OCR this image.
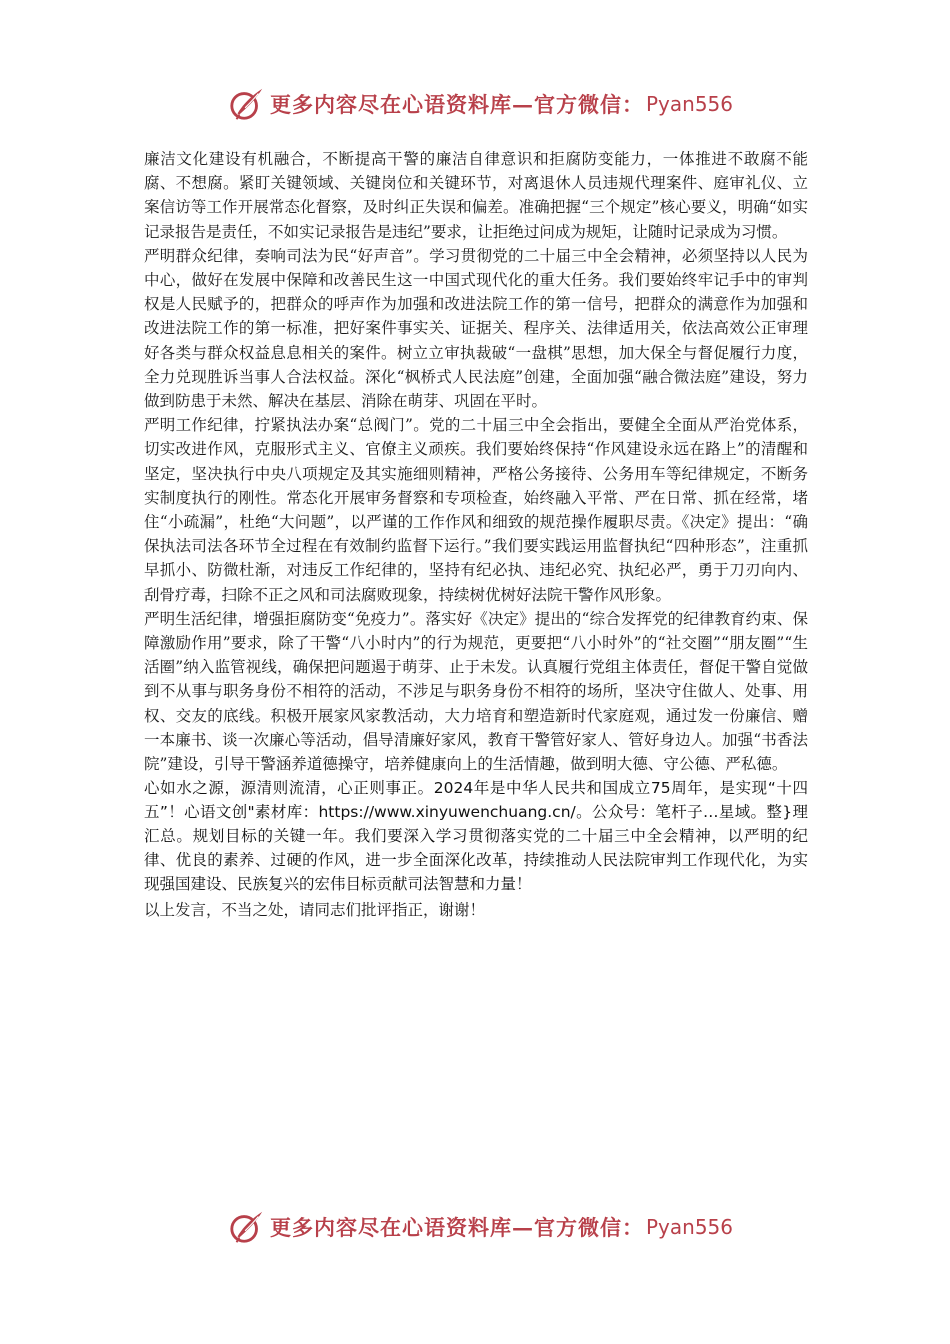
更多内容尽在心语资料库—官方微信： Pyan556

廉洁文化建设有机融合，不断提高干警的廉洁自律意识和拒腐防变能力，一体推进不敢腐不能腐、不想腐。紧盯关键领域、关键岗位和关键环节，对离退休人员违规代理案件、庭审礼仪、立案信访等工作开展常态化督察，及时纠正失误和偏差。准确把握“三个规定”核心要义，明确“如实记录报告是责任，不如实记录报告是违纪”要求，让拒绝过问成为规矩，让随时记录成为习惯。

严明群众纪律，奏响司法为民“好声音”。学习贯彻党的二十届三中全会精神，必须坚持以人民为中心，做好在发展中保障和改善民生这一中国式现代化的重大任务。我们要始终牢记手中的审判权是人民赋予的，把群众的呼声作为加强和改进法院工作的第一信号，把群众的满意作为加强和改进法院工作的第一标准，把好案件事实关、证据关、程序关、法律适用关，依法高效公正审理好各类与群众权益息息相关的案件。树立立审执裁破“一盘棋”思想，加大保全与督促履行力度，全力兑现胜诉当事人合法权益。深化“枫桥式人民法庭”创建，全面加强“融合微法庭”建设，努力做到防患于未然、解决在基层、消除在萌芽、巩固在平时。

严明工作纪律，拧紧执法办案“总阀门”。党的二十届三中全会指出，要健全全面从严治党体系，切实改进作风，克服形式主义、官僚主义顽疾。我们要始终保持“作风建设永远在路上”的清醒和坚定，坚决执行中央八项规定及其实施细则精神，严格公务接待、公务用车等纪律规定，不断务实制度执行的刚性。常态化开展审务督察和专项检查，始终融入平常、严在日常、抓在经常，堵住“小疏漏”，杜绝“大问题”，以严谨的工作作风和细致的规范操作履职尽责。《决定》提出：“确保执法司法各环节全过程在有效制约监督下运行。”我们要实践运用监督执纪“四种形态”，注重抓早抓小、防微杜渐，对违反工作纪律的，坚持有纪必执、违纪必究、执纪必严，勇于刀刃向内、刮骨疗毒，扫除不正之风和司法腐败现象，持续树优树好法院干警作风形象。

严明生活纪律，增强拒腐防变“免疫力”。落实好《决定》提出的“综合发挥党的纪律教育约束、保障激励作用”要求，除了干警“八小时内”的行为规范，更要把“八小时外”的“社交圈”“朋友圈”“生活圈”纳入监管视线，确保把问题遏于萌芽、止于未发。认真履行党组主体责任，督促干警自觉做到不从事与职务身份不相符的活动，不涉足与职务身份不相符的场所，坚决守住做人、处事、用权、交友的底线。积极开展家风家教活动，大力培育和塑造新时代家庭观，通过发一份廉信、赠一本廉书、谈一次廉心等活动，倡导清廉好家风，教育干警管好家人、管好身边人。加强“书香法院”建设，引导干警涵养道德操守，培养健康向上的生活情趣，做到明大德、守公德、严私德。

心如水之源，源清则流清，心正则事正。2024年是中华人民共和国成立75周年，是实现“十四五”！心语文创"素材库：https://www.xinyuwenchuang.cn/。公众号：笔杆子…星域。整}理汇总。规划目标的关键一年。我们要深入学习贯彻落实党的二十届三中全会精神，以严明的纪律、优良的素养、过硬的作风，进一步全面深化改革，持续推动人民法院审判工作现代化，为实现强国建设、民族复兴的宏伟目标贡献司法智慧和力量！

以上发言，不当之处，请同志们批评指正，谢谢！

更多内容尽在心语资料库—官方微信： Pyan556
